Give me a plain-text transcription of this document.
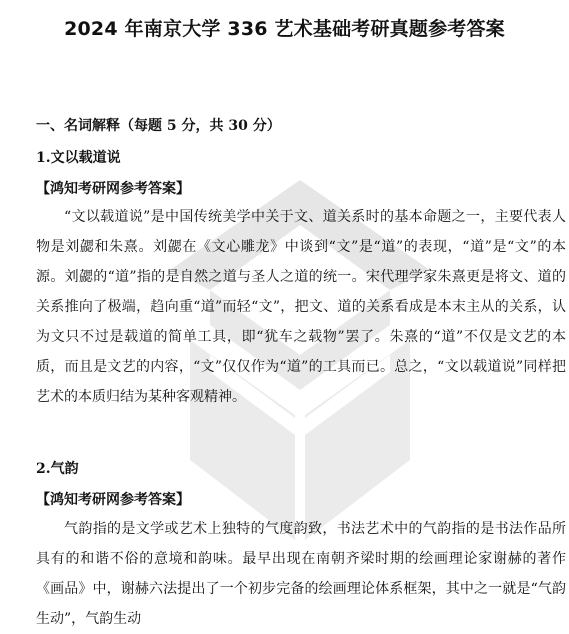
2024 年南京大学 336 艺术基础考研真题参考答案
一、名词解释（每题 5 分，共 30 分）
1.文以载道说
【鸿知考研网参考答案】

“文以载道说”是中国传统美学中关于文、道关系时的基本命题之一，主要代表人物是刘勰和朱熹。刘勰在《文心雕龙》中谈到“文”是“道”的表现，“道”是“文”的本源。刘勰的“道”指的是自然之道与圣人之道的统一。宋代理学家朱熹更是将文、道的关系推向了极端，趋向重“道”而轻“文”，把文、道的关系看成是本末主从的关系，认为文只不过是载道的简单工具，即“犹车之载物”罢了。朱熹的“道”不仅是文艺的本质，而且是文艺的内容，“文”仅仅作为“道”的工具而已。总之，“文以载道说”同样把艺术的本质归结为某种客观精神。

2.气韵
【鸿知考研网参考答案】

气韵指的是文学或艺术上独特的气度韵致，书法艺术中的气韵指的是书法作品所具有的和谐不俗的意境和韵味。最早出现在南朝齐梁时期的绘画理论家谢赫的著作《画品》中，谢赫六法提出了一个初步完备的绘画理论体系框架，其中之一就是“气韵生动”，气韵生动
